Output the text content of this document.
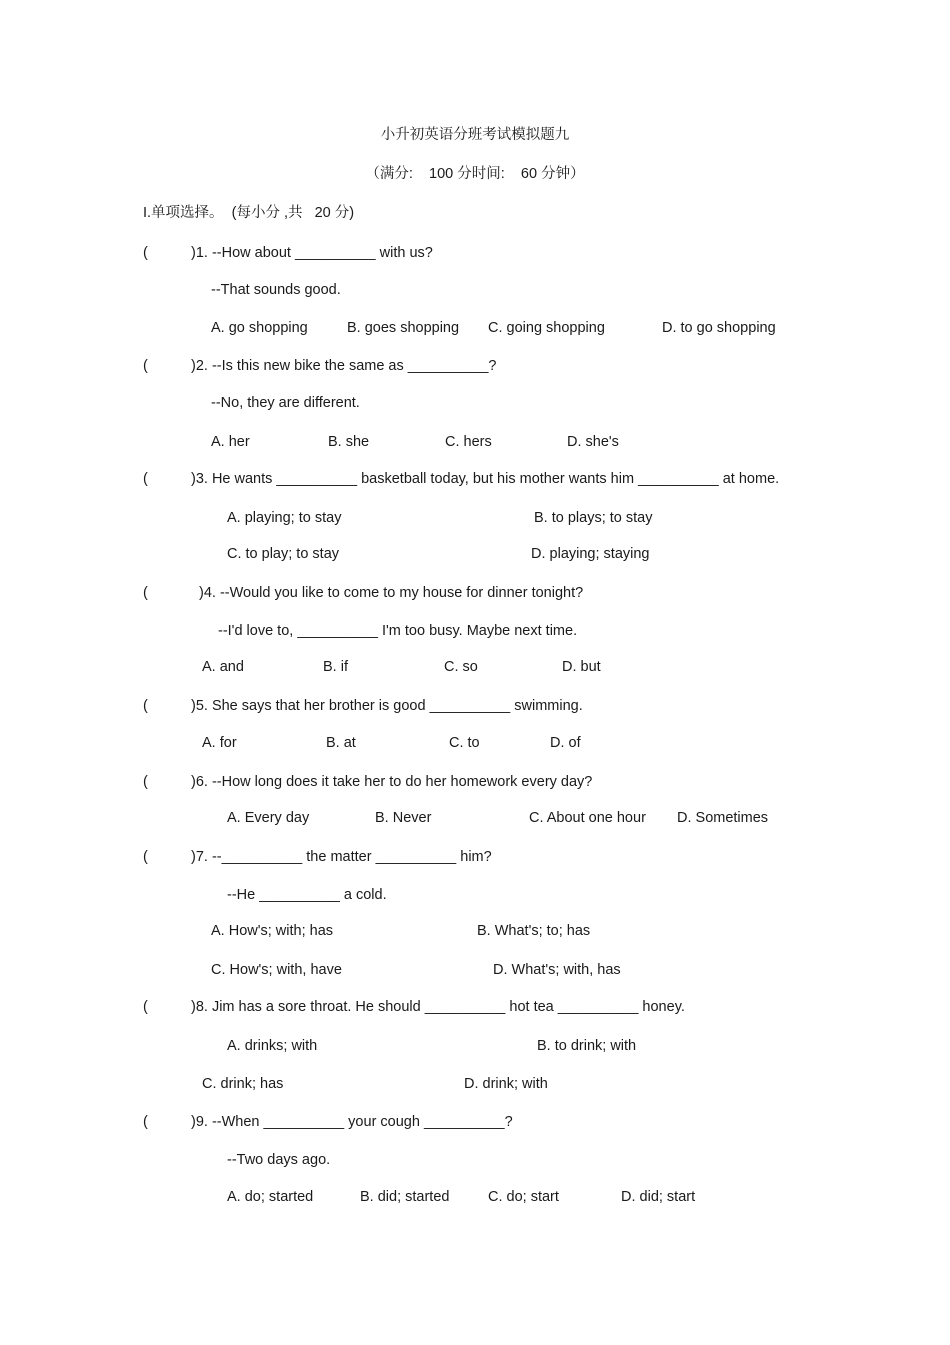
小升初英语分班考试模拟题九
（满分:    100 分时间:    60 分钟）
I.单项选择。  (每小分 ,共   20 分)
(	)1. --How about __________ with us?
--That sounds good.
A. go shopping	B. goes shopping C. going shopping	D. to go shopping
(	)2. --Is this new bike the same as __________?
--No, they are different.
A. her	B. she	C. hers	D. she's
(	)3. He wants __________ basketball today, but his mother wants him __________ at home.
A. playing; to stay	B. to plays; to stay
C. to play; to stay	D. playing; staying
(	)4. --Would you like to come to my house for dinner tonight?
--I'd love to, __________ I'm too busy. Maybe next time.
A. and	B. if	C. so	D. but
(	)5. She says that her brother is good __________ swimming.
A. for	B. at	C. to	D. of
(	)6. --How long does it take her to do her homework every day?
A. Every day	B. Never	C. About one hour D. Sometimes
(	)7. --__________ the matter __________ him?
--He __________ a cold.
A. How's; with; has	B. What's; to; has
C. How's; with, have	D. What's; with, has
(	)8. Jim has a sore throat. He should __________ hot tea __________ honey.
A. drinks; with	B. to drink; with
C. drink; has	D. drink; with
(	)9. --When __________ your cough __________?
--Two days ago.
A. do; started	B. did; started	C. do; start	D. did; start
